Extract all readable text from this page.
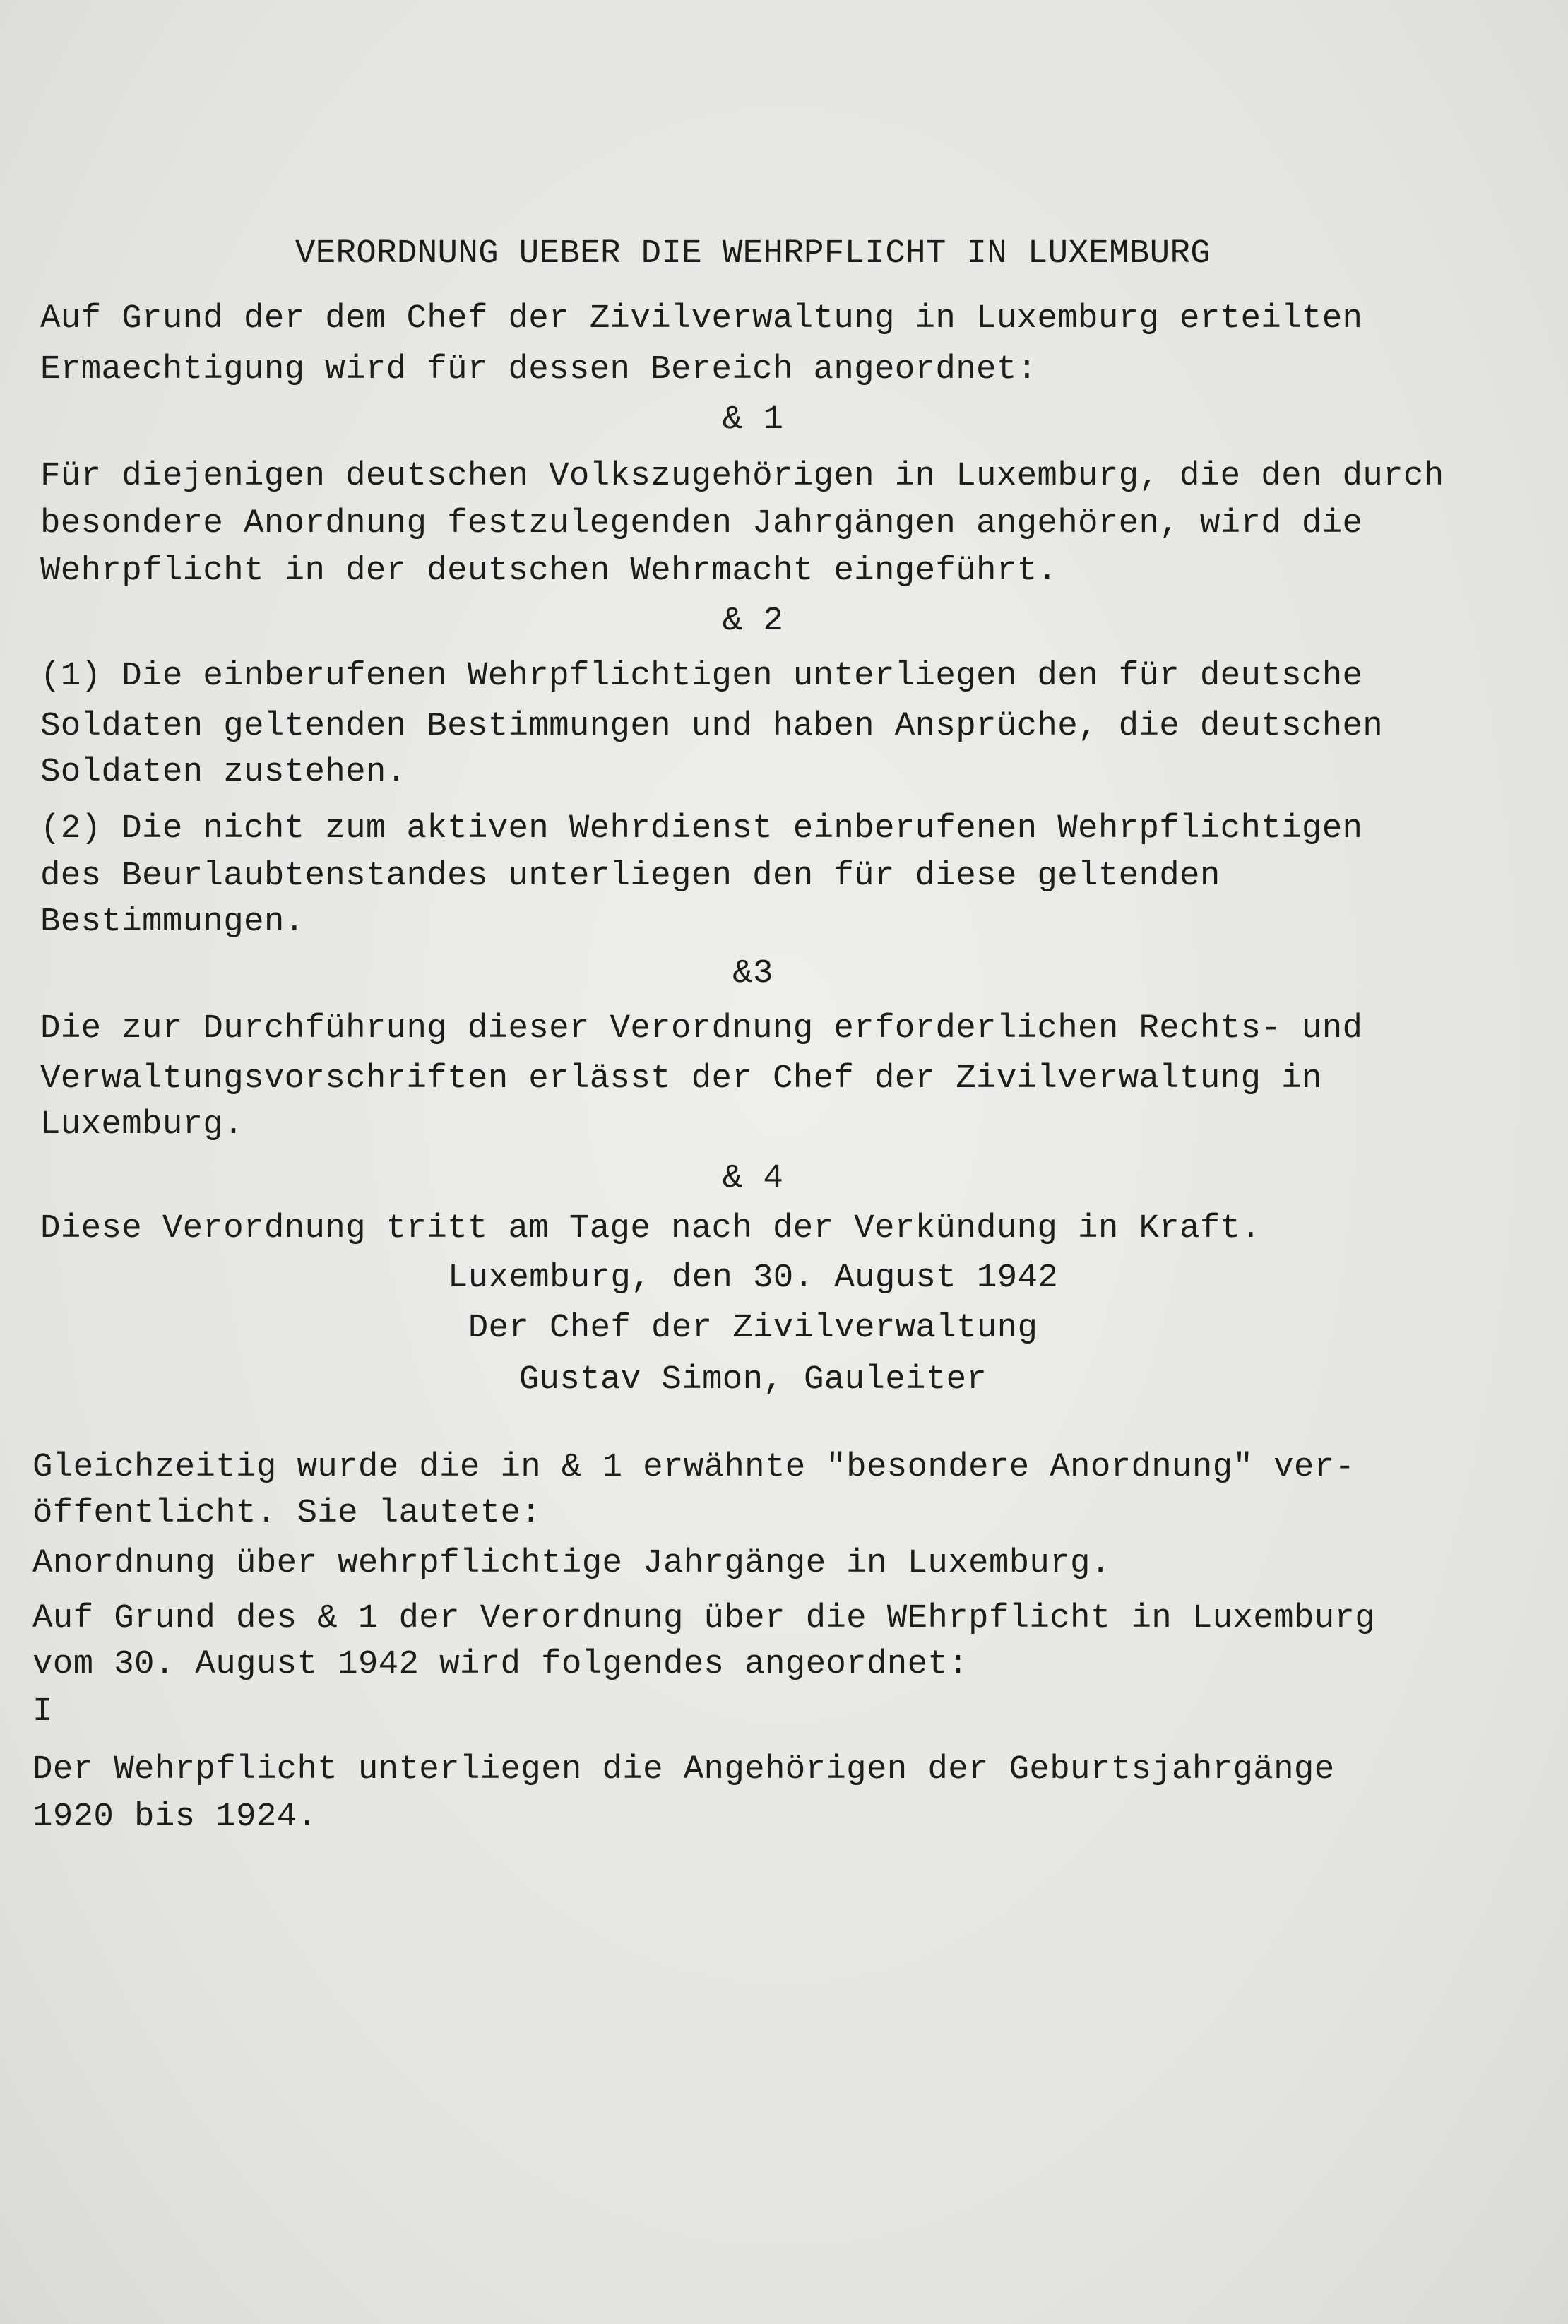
VERORDNUNG UEBER DIE WEHRPFLICHT IN LUXEMBURG
Auf Grund der dem Chef der Zivilverwaltung in Luxemburg erteilten
Ermaechtigung wird für dessen Bereich angeordnet:
& 1
Für diejenigen deutschen Volkszugehörigen in Luxemburg, die den durch
besondere Anordnung festzulegenden Jahrgängen angehören, wird die
Wehrpflicht in der deutschen Wehrmacht eingeführt.
& 2
(1) Die einberufenen Wehrpflichtigen unterliegen den für deutsche
Soldaten geltenden Bestimmungen und haben Ansprüche, die deutschen
Soldaten zustehen.
(2) Die nicht zum aktiven Wehrdienst einberufenen Wehrpflichtigen
des Beurlaubtenstandes unterliegen den für diese geltenden
Bestimmungen.
&3
Die zur Durchführung dieser Verordnung erforderlichen Rechts- und
Verwaltungsvorschriften erlässt der Chef der Zivilverwaltung in
Luxemburg.
& 4
Diese Verordnung tritt am Tage nach der Verkündung in Kraft.
Luxemburg, den 30. August 1942
Der Chef der Zivilverwaltung
Gustav Simon, Gauleiter
Gleichzeitig wurde die in & 1 erwähnte "besondere Anordnung" ver-
öffentlicht. Sie lautete:
Anordnung über wehrpflichtige Jahrgänge in Luxemburg.
Auf Grund des & 1 der Verordnung über die WEhrpflicht in Luxemburg
vom 30. August 1942 wird folgendes angeordnet:
I
Der Wehrpflicht unterliegen die Angehörigen der Geburtsjahrgänge
1920 bis 1924.
